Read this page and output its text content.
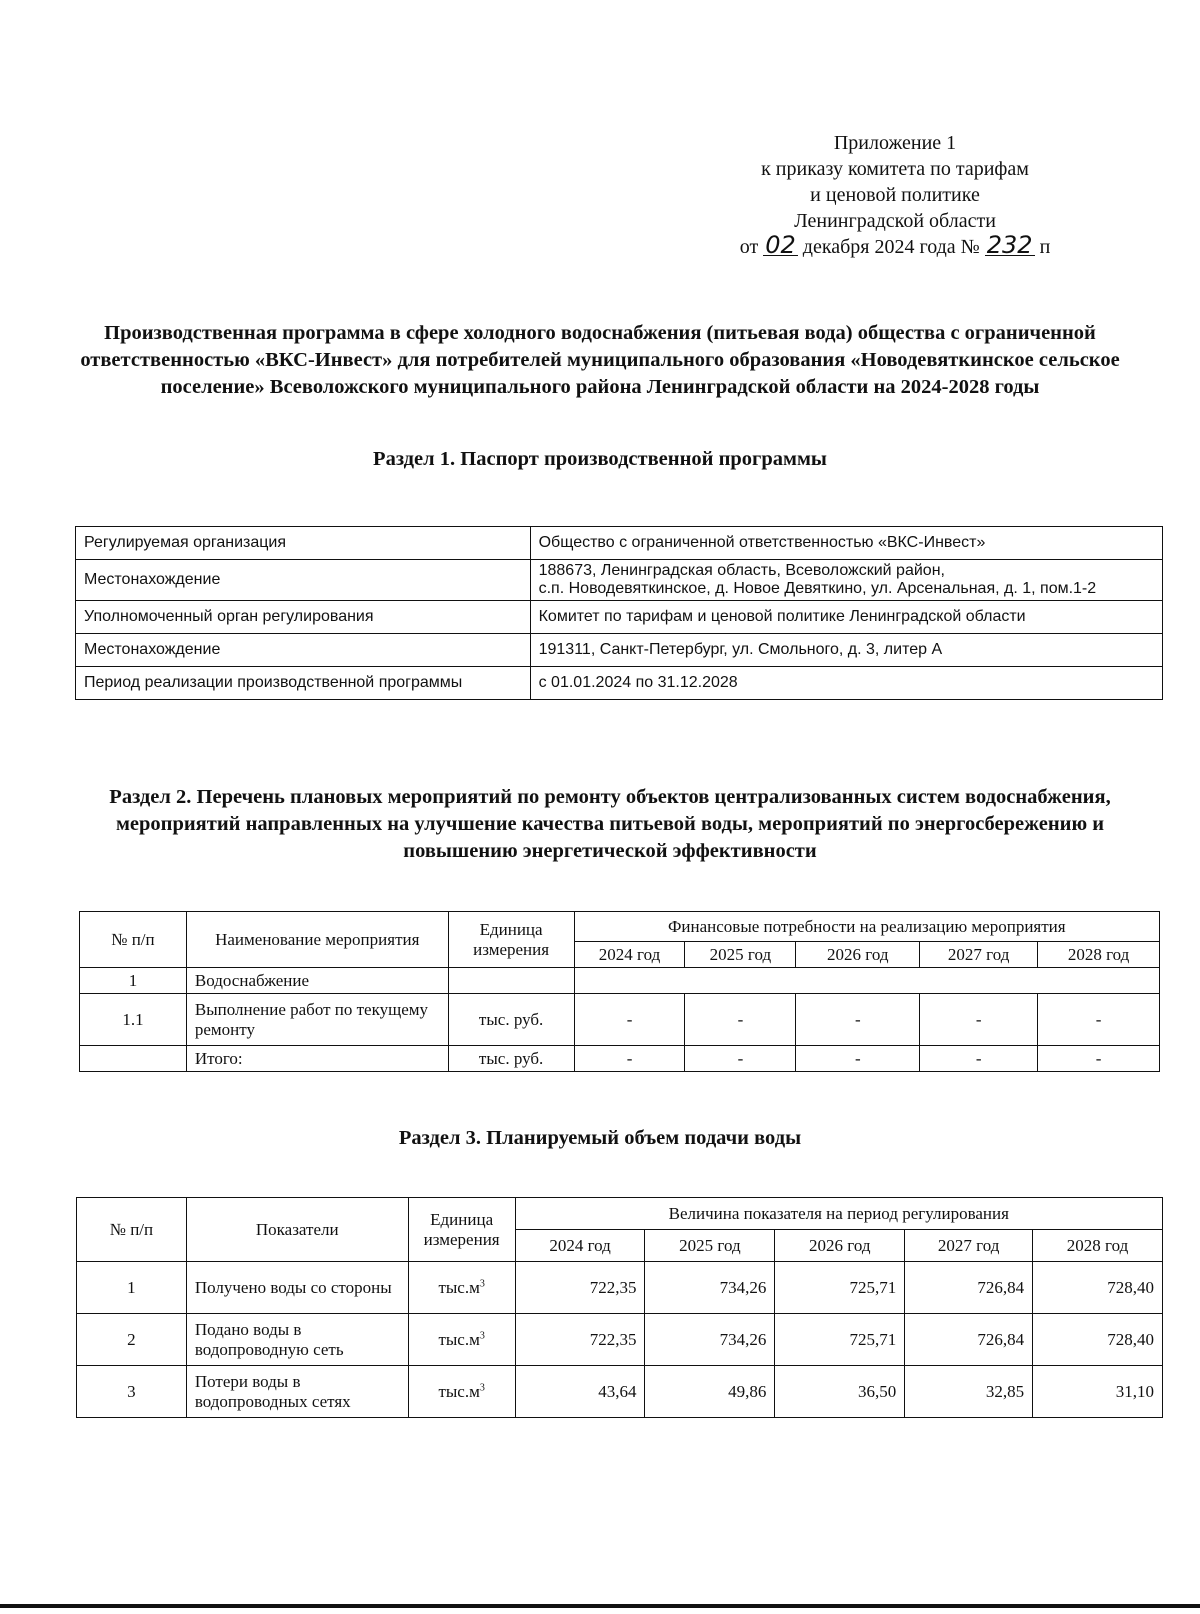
Приложение 1
к приказу комитета по тарифам
и ценовой политике
Ленинградской области
от 02 декабря 2024 года № 232 п

Производственная программа в сфере холодного водоснабжения (питьевая вода) общества с ограниченной ответственностью «ВКС-Инвест» для потребителей муниципального образования «Новодевяткинское сельское поселение» Всеволожского муниципального района Ленинградской области на 2024-2028 годы

Раздел 1. Паспорт производственной программы

Регулируемая организация	Общество с ограниченной ответственностью «ВКС-Инвест»
Местонахождение	188673, Ленинградская область, Всеволожский район,
с.п. Новодевяткинское, д. Новое Девяткино, ул. Арсенальная, д. 1, пом.1-2
Уполномоченный орган регулирования	Комитет по тарифам и ценовой политике Ленинградской области
Местонахождение	191311, Санкт-Петербург, ул. Смольного, д. 3, литер А
Период реализации производственной программы	с 01.01.2024 по 31.12.2028

Раздел 2. Перечень плановых мероприятий по ремонту объектов централизованных систем водоснабжения, мероприятий направленных на улучшение качества питьевой воды, мероприятий по энергосбережению и повышению энергетической эффективности

№ п/п	Наименование мероприятия	Единица измерения	Финансовые потребности на реализацию мероприятия				
			2024 год	2025 год	2026 год	2027 год	2028 год
1	Водоснабжение						
1.1	Выполнение работ по текущему ремонту	тыс. руб.	-	-	-	-	-
	Итого:	тыс. руб.	-	-	-	-	-

Раздел 3. Планируемый объем подачи воды

№ п/п	Показатели	Единица измерения	Величина показателя на период регулирования				
			2024 год	2025 год	2026 год	2027 год	2028 год
1	Получено воды со стороны	$тыс.м^3$	722,35	734,26	725,71	726,84	728,40
2	Подано воды в водопроводную сеть	$тыс.м^3$	722,35	734,26	725,71	726,84	728,40
3	Потери воды в водопроводных сетях	$тыс.м^3$	43,64	49,86	36,50	32,85	31,10
